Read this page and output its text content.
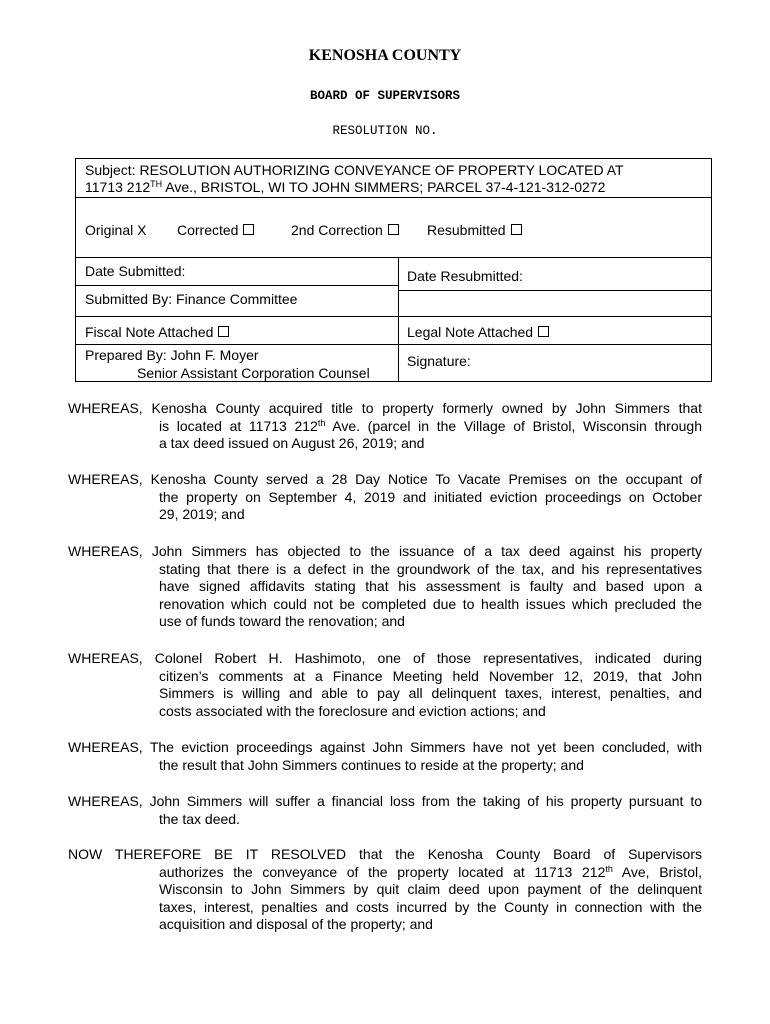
KENOSHA COUNTY
BOARD OF SUPERVISORS
RESOLUTION NO.
Subject: RESOLUTION AUTHORIZING CONVEYANCE OF PROPERTY LOCATED AT
11713 212TH Ave., BRISTOL, WI TO JOHN SIMMERS; PARCEL 37-4-121-312-0272
Original X Corrected	2nd Correction	Resubmitted
Date Submitted:	Date Resubmitted:
Submitted By: Finance Committee
Fiscal Note Attached	Legal Note Attached
Prepared By: John F. Moyer
Senior Assistant Corporation Counsel
Signature:
WHEREAS, Kenosha County acquired title to property formerly owned by John Simmers that
is located at 11713 212th Ave. (parcel in the Village of Bristol, Wisconsin through
a tax deed issued on August 26, 2019; and
WHEREAS, Kenosha County served a 28 Day Notice To Vacate Premises on the occupant of
the property on September 4, 2019 and initiated eviction proceedings on October
29, 2019; and
WHEREAS, John Simmers has objected to the issuance of a tax deed against his property
stating that there is a defect in the groundwork of the tax, and his representatives
have signed affidavits stating that his assessment is faulty and based upon a
renovation which could not be completed due to health issues which precluded the
use of funds toward the renovation; and
WHEREAS, Colonel Robert H. Hashimoto, one of those representatives, indicated during
citizen’s comments at a Finance Meeting held November 12, 2019, that John
Simmers is willing and able to pay all delinquent taxes, interest, penalties, and
costs associated with the foreclosure and eviction actions; and
WHEREAS, The eviction proceedings against John Simmers have not yet been concluded, with
the result that John Simmers continues to reside at the property; and
WHEREAS, John Simmers will suffer a financial loss from the taking of his property pursuant to
the tax deed.
NOW THEREFORE BE IT RESOLVED that the Kenosha County Board of Supervisors
authorizes the conveyance of the property located at 11713 212th Ave, Bristol,
Wisconsin to John Simmers by quit claim deed upon payment of the delinquent
taxes, interest, penalties and costs incurred by the County in connection with the
acquisition and disposal of the property; and
